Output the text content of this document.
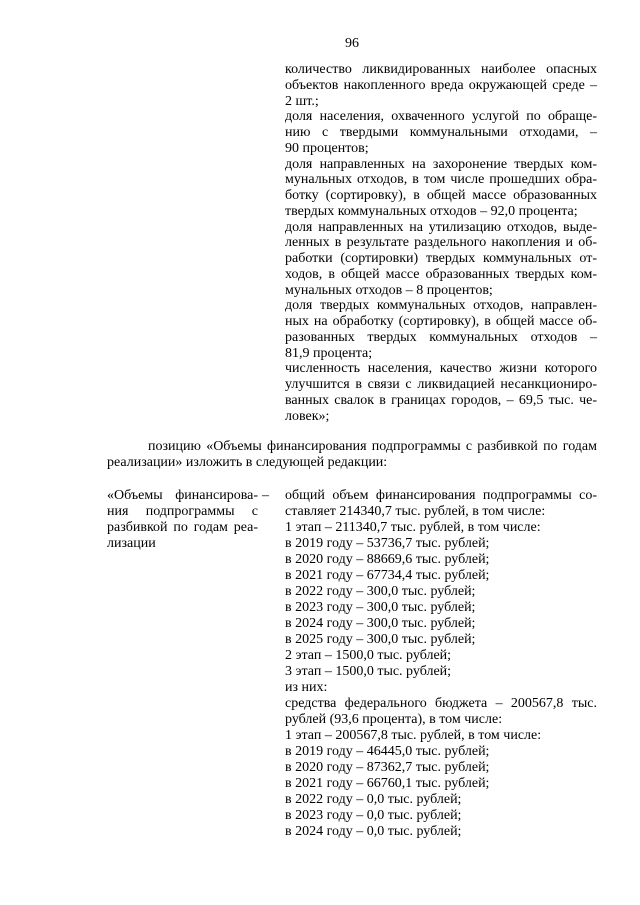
96
количество ликвидированных наиболее опасных
объектов накопленного вреда окружающей среде –
2 шт.;
доля населения, охваченного услугой по обраще-
нию с твердыми коммунальными отходами, –
90 процентов;
доля направленных на захоронение твердых ком-
мунальных отходов, в том числе прошедших обра-
ботку (сортировку), в общей массе образованных
твердых коммунальных отходов – 92,0 процента;
доля направленных на утилизацию отходов, выде-
ленных в результате раздельного накопления и об-
работки (сортировки) твердых коммунальных от-
ходов, в общей массе образованных твердых ком-
мунальных отходов – 8 процентов;
доля твердых коммунальных отходов, направлен-
ных на обработку (сортировку), в общей массе об-
разованных твердых коммунальных отходов –
81,9 процента;
численность населения, качество жизни которого
улучшится в связи с ликвидацией несанкциониро-
ванных свалок в границах городов, – 69,5 тыс. че-
ловек»;
позицию «Объемы финансирования подпрограммы с разбивкой по годам
реализации» изложить в следующей редакции:
«Объемы финансирова-
ния подпрограммы с
разбивкой по годам реа-
лизации
– общий объем финансирования подпрограммы со-
ставляет 214340,7 тыс. рублей, в том числе:
1 этап – 211340,7 тыс. рублей, в том числе:
в 2019 году – 53736,7 тыс. рублей;
в 2020 году – 88669,6 тыс. рублей;
в 2021 году – 67734,4 тыс. рублей;
в 2022 году – 300,0 тыс. рублей;
в 2023 году – 300,0 тыс. рублей;
в 2024 году – 300,0 тыс. рублей;
в 2025 году – 300,0 тыс. рублей;
2 этап – 1500,0 тыс. рублей;
3 этап – 1500,0 тыс. рублей;
из них:
средства федерального бюджета – 200567,8 тыс.
рублей (93,6 процента), в том числе:
1 этап – 200567,8 тыс. рублей, в том числе:
в 2019 году – 46445,0 тыс. рублей;
в 2020 году – 87362,7 тыс. рублей;
в 2021 году – 66760,1 тыс. рублей;
в 2022 году – 0,0 тыс. рублей;
в 2023 году – 0,0 тыс. рублей;
в 2024 году – 0,0 тыс. рублей;
